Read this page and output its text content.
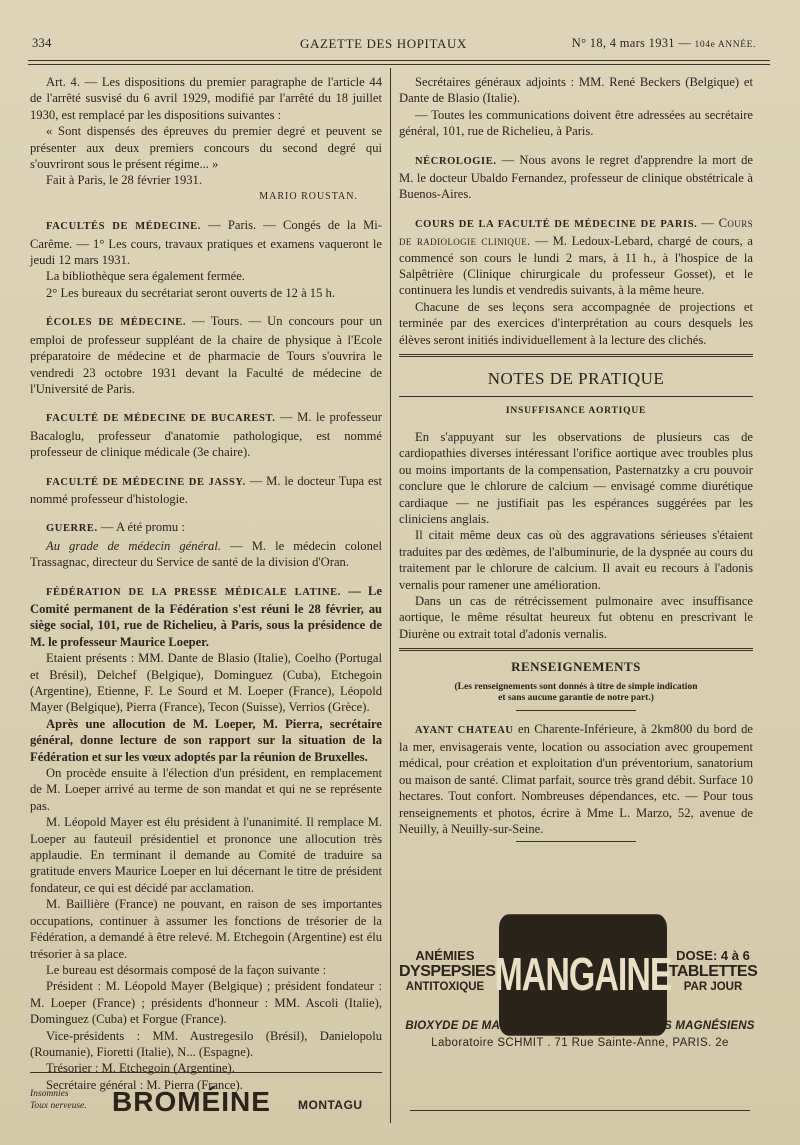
334	GAZETTE DES HOPITAUX	N° 18, 4 mars 1931 — 104e ANNÉE.

Art. 4. — Les dispositions du premier paragraphe de l'article 44 de l'arrêté susvisé du 6 avril 1929, modifié par l'arrêté du 18 juillet 1930, est remplacé par les dispositions suivantes :

« Sont dispensés des épreuves du premier degré et peuvent se présenter aux deux premiers concours du second degré qui s'ouvriront sous le présent régime... »

Fait à Paris, le 28 février 1931.

MARIO ROUSTAN.

FACULTÉS DE MÉDECINE. — Paris. — Congés de la Mi-Carême. — 1° Les cours, travaux pratiques et examens vaqueront le jeudi 12 mars 1931.

La bibliothèque sera également fermée.

2° Les bureaux du secrétariat seront ouverts de 12 à 15 h.

ÉCOLES DE MÉDECINE. — Tours. — Un concours pour un emploi de professeur suppléant de la chaire de physique à l'Ecole préparatoire de médecine et de pharmacie de Tours s'ouvrira le vendredi 23 octobre 1931 devant la Faculté de médecine de l'Université de Paris.

FACULTÉ DE MÉDECINE DE BUCAREST. — M. le professeur Bacaloglu, professeur d'anatomie pathologique, est nommé professeur de clinique médicale (3e chaire).

FACULTÉ DE MÉDECINE DE JASSY. — M. le docteur Tupa est nommé professeur d'histologie.

GUERRE. — A été promu :

Au grade de médecin général. — M. le médecin colonel Trassagnac, directeur du Service de santé de la division d'Oran.

FÉDÉRATION DE LA PRESSE MÉDICALE LATINE. — Le Comité permanent de la Fédération s'est réuni le 28 février, au siège social, 101, rue de Richelieu, à Paris, sous la présidence de M. le professeur Maurice Loeper.

Etaient présents : MM. Dante de Blasio (Italie), Coelho (Portugal et Brésil), Delchef (Belgique), Dominguez (Cuba), Etchegoin (Argentine), Etienne, F. Le Sourd et M. Loeper (France), Léopold Mayer (Belgique), Pierra (France), Tecon (Suisse), Verrios (Grèce).

Après une allocution de M. Loeper, M. Pierra, secrétaire général, donne lecture de son rapport sur la situation de la Fédération et sur les vœux adoptés par la réunion de Bruxelles.

On procède ensuite à l'élection d'un président, en remplacement de M. Loeper arrivé au terme de son mandat et qui ne se représente pas.

M. Léopold Mayer est élu président à l'unanimité. Il remplace M. Loeper au fauteuil présidentiel et prononce une allocution très applaudie. En terminant il demande au Comité de traduire sa gratitude envers Maurice Loeper en lui décernant le titre de président fondateur, ce qui est décidé par acclamation.

M. Baillière (France) ne pouvant, en raison de ses importantes occupations, continuer à assumer les fonctions de trésorier de la Fédération, a demandé à être relevé. M. Etchegoin (Argentine) est élu trésorier à sa place.

Le bureau est désormais composé de la façon suivante :

Président : M. Léopold Mayer (Belgique) ; président fondateur : M. Loeper (France) ; présidents d'honneur : MM. Ascoli (Italie), Dominguez (Cuba) et Forgue (France).

Vice-présidents : MM. Austregesilo (Brésil), Danielopolu (Roumanie), Fioretti (Italie), N... (Espagne).

Trésorier : M. Etchegoin (Argentine).

Secrétaire général : M. Pierra (France).

Secrétaires généraux adjoints : MM. René Beckers (Belgique) et Dante de Blasio (Italie).

— Toutes les communications doivent être adressées au secrétaire général, 101, rue de Richelieu, à Paris.

NÉCROLOGIE. — Nous avons le regret d'apprendre la mort de M. le docteur Ubaldo Fernandez, professeur de clinique obstétricale à Buenos-Aires.

COURS DE LA FACULTÉ DE MÉDECINE DE PARIS. — Cours de radiologie clinique. — M. Ledoux-Lebard, chargé de cours, a commencé son cours le lundi 2 mars, à 11 h., à l'hospice de la Salpêtrière (Clinique chirurgicale du professeur Gosset), et le continuera les lundis et vendredis suivants, à la même heure.

Chacune de ses leçons sera accompagnée de projections et terminée par des exercices d'interprétation au cours desquels les élèves seront initiés individuellement à la lecture des clichés.

NOTES DE PRATIQUE
INSUFFISANCE AORTIQUE

En s'appuyant sur les observations de plusieurs cas de cardiopathies diverses intéressant l'orifice aortique avec troubles plus ou moins importants de la compensation, Pasternatzky a cru pouvoir conclure que le chlorure de calcium — envisagé comme diurétique cardiaque — ne justifiait pas les espérances suggérées par les cliniciens anglais.

Il citait même deux cas où des aggravations sérieuses s'étaient traduites par des œdèmes, de l'albuminurie, de la dyspnée au cours du traitement par le chlorure de calcium. Il avait eu recours à l'adonis vernalis pour ramener une amélioration.

Dans un cas de rétrécissement pulmonaire avec insuffisance aortique, le même résultat heureux fut obtenu en prescrivant le Diurène ou extrait total d'adonis vernalis.

RENSEIGNEMENTS
(Les renseignements sont donnés à titre de simple indication
et sans aucune garantie de notre part.)

AYANT CHATEAU en Charente-Inférieure, à 2km800 du bord de la mer, envisagerais vente, location ou association avec groupement médical, pour création et exploitation d'un préventorium, sanatorium ou maison de santé. Climat parfait, source très grand débit. Surface 10 hectares. Tout confort. Nombreuses dépendances, etc. — Pour tous renseignements et photos, écrire à Mme L. Marzo, 52, avenue de Neuilly, à Neuilly-sur-Seine.

ANÉMIES
DYSPEPSIES
ANTITOXIQUE MANGAINE DOSE: 4 à 6
TABLETTES
PAR JOUR
BIOXYDE DE MANGANÈSE COLLOÏDAL - SELS MAGNÉSIENS
Laboratoire SCHMIT . 71 Rue Sainte-Anne, PARIS. 2e
Insomnies
Toux nerveuse. BROMÉINE MONTAGU
